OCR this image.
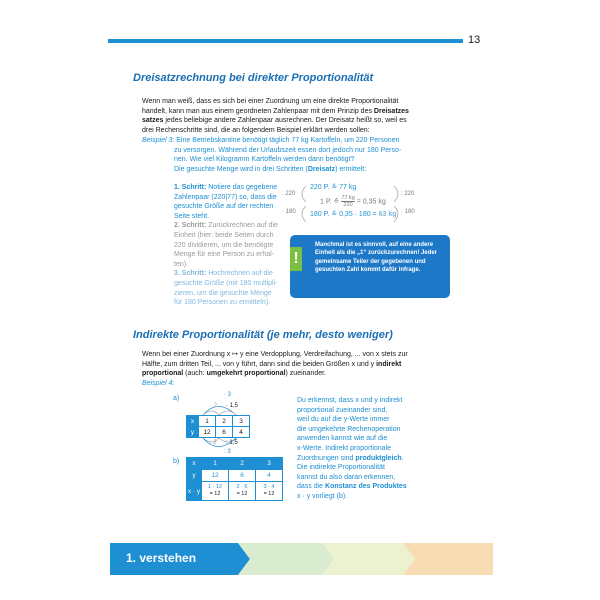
13
Dreisatzrechnung bei direkter Proportionalität
Wenn man weiß, dass es sich bei einer Zuordnung um eine direkte Proportionalität
handelt, kann man aus einem geordneten Zahlenpaar mit dem Prinzip des Dreisatzes
satzes jedes beliebige andere Zahlenpaar ausrechnen. Der Dreisatz heißt so, weil es
drei Rechenschritte sind, die an folgendem Beispiel erklärt werden sollen:
Beispiel 3: Eine Betriebskantine benötigt täglich 77 kg Kartoffeln, um 220 Personen
zu versorgen. Während der Urlaubszeit essen dort jedoch nur 180 Perso-
nen. Wie viel Kilogramm Kartoffeln werden dann benötigt?
Die gesuchte Menge wird in drei Schritten (Dreisatz) ermittelt:
1. Schritt: Notiere das gegebene
Zahlenpaar (220|77) so, dass die
gesuchte Größe auf der rechten
Seite steht.
2. Schritt: Zurückrechnen auf die
Einheit (hier: beide Seiten durch
220 dividieren, um die benötigte
Menge für eine Person zu erhal-
ten).
3. Schritt: Hochrechnen auf die
gesuchte Größe (mit 180 multipli-
zieren, um die gesuchte Menge
für 180 Personen zu ermitteln).
: 220
· 180
: 220
· 180
220 P. ≙ 77 kg
1 P. ≙ $\frac{77 kg}{220} = 0,35$ kg
180 P. ≙ 0,35 · 180 = 63 kg
!
Manchmal ist es sinnvoll, auf eine andere Einheit als die „1“ zurückzurechnen! Jeder gemeinsame Teiler der gegebenen und gesuchten Zahl kommt dafür infrage.
Indirekte Proportionalität (je mehr, desto weniger)
Wenn bei einer Zuordnung x ↦ y eine Verdopplung, Verdreifachung, ... von x stets zur
Hälfte, zum dritten Teil, ... von y führt, dann sind die beiden Größen x und y indirekt
proportional (auch: umgekehrt proportional) zueinander.
Beispiel 4:
a)	· 3
· 2 · 1,5
x	1	2	3
y	12	6	4
: 2 : 1,5
: 3
b) x	1	2	3
y	12	6	4
x · y	1 · 12
= 12	2 · 6
= 12	3 · 4
= 12
Du erkennst, dass x und y indirekt
proportional zueinander sind,
weil du auf die y-Werte immer
die umgekehrte Rechenoperation
anwenden kannst wie auf die
x-Werte. Indirekt proportionale
Zuordnungen sind produktgleich.
Die indirekte Proportionalität
kannst du also daran erkennen,
dass die Konstanz des Produktes
x · y vorliegt (b).
1. verstehen
